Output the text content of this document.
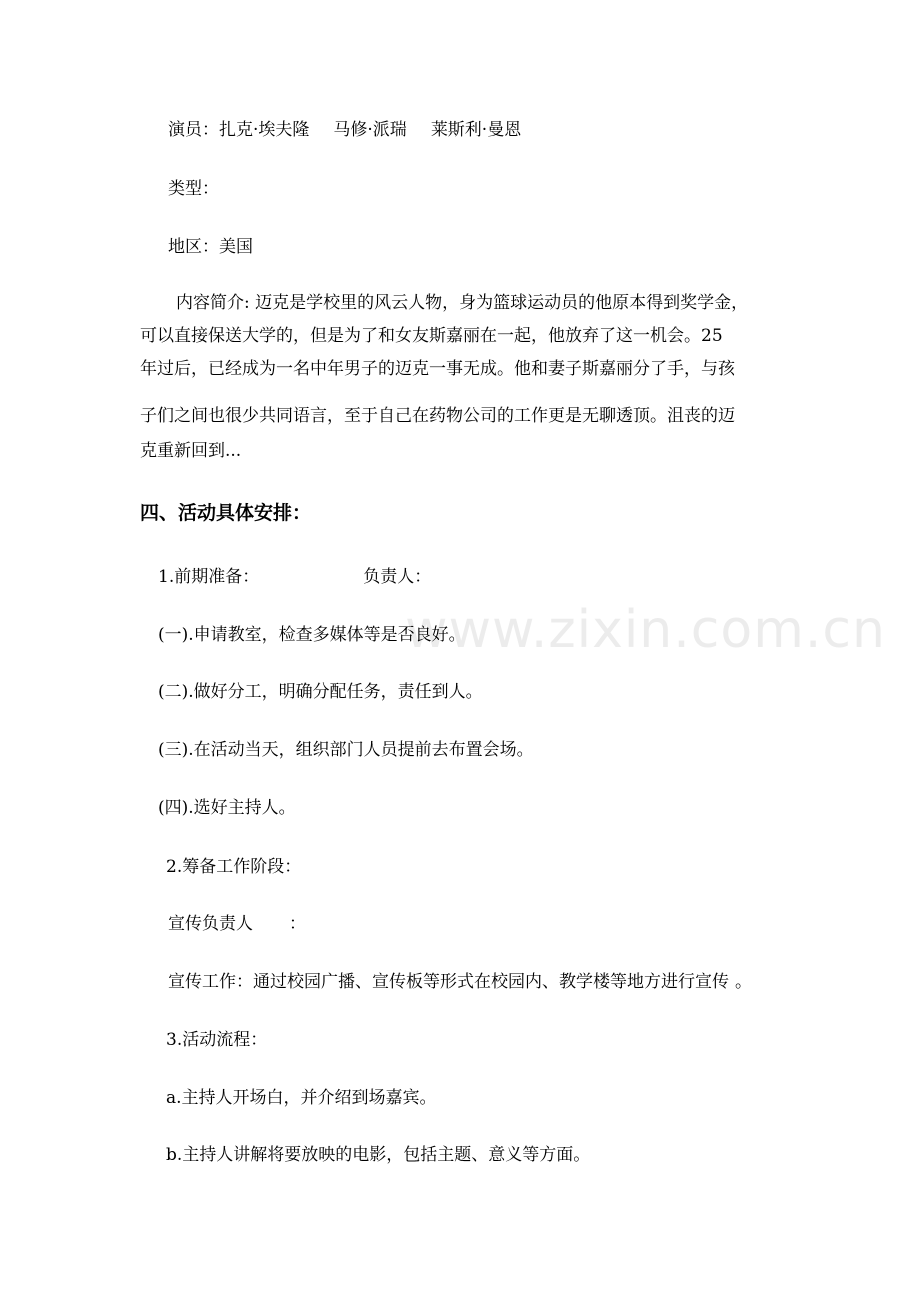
www.zixin.com.cn
演员：扎克·埃夫隆 马修·派瑞 莱斯利·曼恩
类型：
地区：美国
内容简介: 迈克是学校里的风云人物，身为篮球运动员的他原本得到奖学金，
可以直接保送大学的，但是为了和女友斯嘉丽在一起，他放弃了这一机会。25
年过后，已经成为一名中年男子的迈克一事无成。他和妻子斯嘉丽分了手，与孩
子们之间也很少共同语言，至于自己在药物公司的工作更是无聊透顶。沮丧的迈
克重新回到...
四、活动具体安排：
1.前期准备：	负责人：
(一).申请教室，检查多媒体等是否良好。
(二).做好分工，明确分配任务，责任到人。
(三).在活动当天，组织部门人员提前去布置会场。
(四).选好主持人。
2.筹备工作阶段：
宣传负责人 ：
宣传工作：通过校园广播、宣传板等形式在校园内、教学楼等地方进行宣传 。
3.活动流程：
a.主持人开场白，并介绍到场嘉宾。
b.主持人讲解将要放映的电影，包括主题、意义等方面。
